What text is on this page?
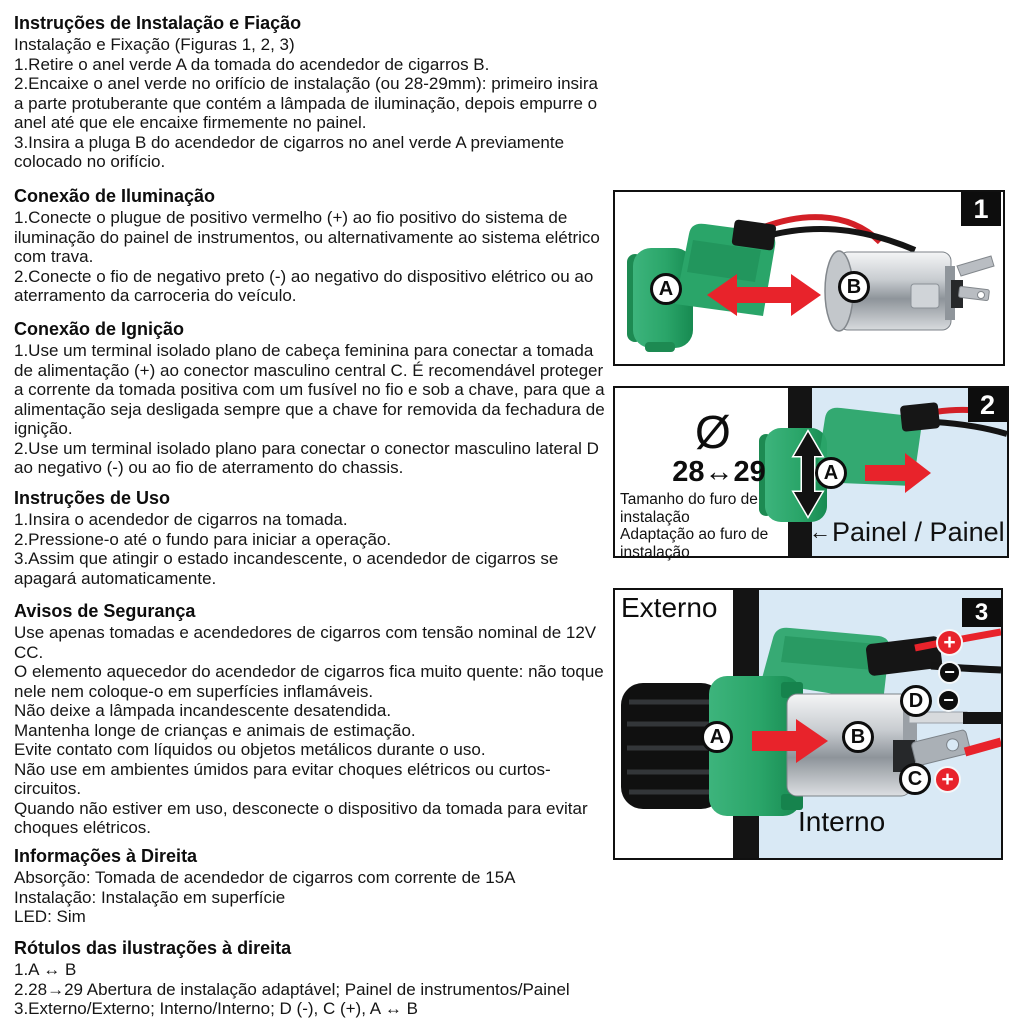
Instruções de Instalação e Fiação

Instalação e Fixação (Figuras 1, 2, 3)

1.Retire o anel verde A da tomada do acendedor de cigarros B.

2.Encaixe o anel verde no orifício de instalação (ou 28-29mm): primeiro insira a parte protuberante que contém a lâmpada de iluminação, depois empurre o anel até que ele encaixe firmemente no painel.

3.Insira a pluga B do acendedor de cigarros no anel verde A previamente colocado no orifício.

Conexão de Iluminação

1.Conecte o plugue de positivo vermelho (+) ao fio positivo do sistema de iluminação do painel de instrumentos, ou alternativamente ao sistema elétrico com trava.

2.Conecte o fio de negativo preto (-) ao negativo do dispositivo elétrico ou ao aterramento da carroceria do veículo.

Conexão de Ignição

1.Use um terminal isolado plano de cabeça feminina para conectar a tomada de alimentação (+) ao conector masculino central C. É recomendável proteger a corrente da tomada positiva com um fusível no fio e sob a chave, para que a alimentação seja desligada sempre que a chave for removida da fechadura de ignição.

2.Use um terminal isolado plano para conectar o conector masculino lateral D ao negativo (-) ou ao fio de aterramento do chassis.

Instruções de Uso

1.Insira o acendedor de cigarros na tomada.

2.Pressione-o até o fundo para iniciar a operação.

3.Assim que atingir o estado incandescente, o acendedor de cigarros se apagará automaticamente.

Avisos de Segurança

Use apenas tomadas e acendedores de cigarros com tensão nominal de 12V CC.

O elemento aquecedor do acendedor de cigarros fica muito quente: não toque nele nem coloque-o em superfícies inflamáveis.

Não deixe a lâmpada incandescente desatendida.

Mantenha longe de crianças e animais de estimação.

Evite contato com líquidos ou objetos metálicos durante o uso.

Não use em ambientes úmidos para evitar choques elétricos ou curtos-circuitos.

Quando não estiver em uso, desconecte o dispositivo da tomada para evitar choques elétricos.

Informações à Direita

Absorção: Tomada de acendedor de cigarros com corrente de 15A

Instalação: Instalação em superfície

LED: Sim

Rótulos das ilustrações à direita

1.A ↔ B

2.28→29 Abertura de instalação adaptável; Painel de instrumentos/Painel

3.Externo/Externo; Interno/Interno; D (-), C (+), A ↔ B

1
A	B
2
Ø
28↔29
Tamanho do furo de instalação
Adaptação ao furo de instalação
A
← Painel / Painel
3
Externo
Interno
A	B
D
C
+
−
−
+
